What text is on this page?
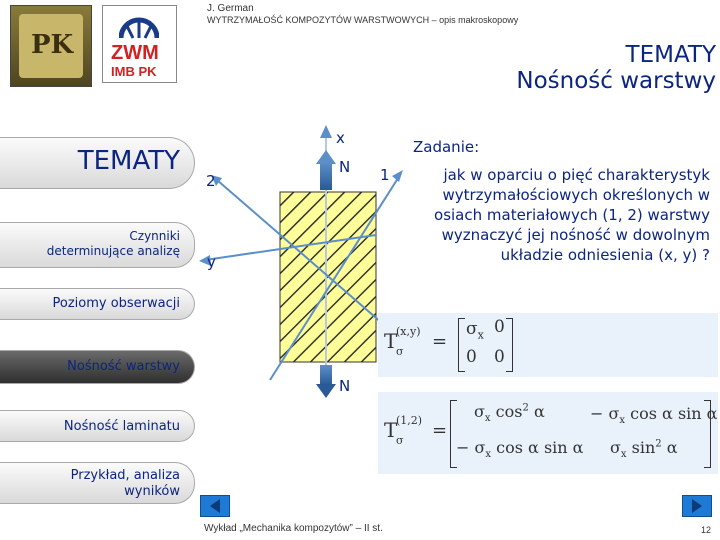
PK ZWM
IMB PK
J. German
WYTRZYMAŁOŚĆ KOMPOZYTÓW WARSTWOWYCH – opis makroskopowy
TEMATY
Nośność warstwy
TEMATY
Czynniki determinujące analizę
Poziomy obserwacji
Nośność warstwy
Nośność laminatu
Przykład, analiza wyników
x
N 1
2
y
N
Zadanie:
jak w oparciu o pięć charakterystyk wytrzymałościowych określonych w osiach materiałowych (1, 2) warstwy wyznaczyć jej nośność w dowolnym układzie odniesienia (x, y) ?
T
(x,y)
σ =
$\sigma_x$ 0
0 0
T
(1,2)
σ =
$\sigma_x$ $\cos^2 \alpha$	− $\sigma_x$ cos α sin α
− $\sigma_x$ cos α sin α $\sigma_x$ $\sin^2 \alpha$
Wykład „Mechanika kompozytów” – II st.	12
